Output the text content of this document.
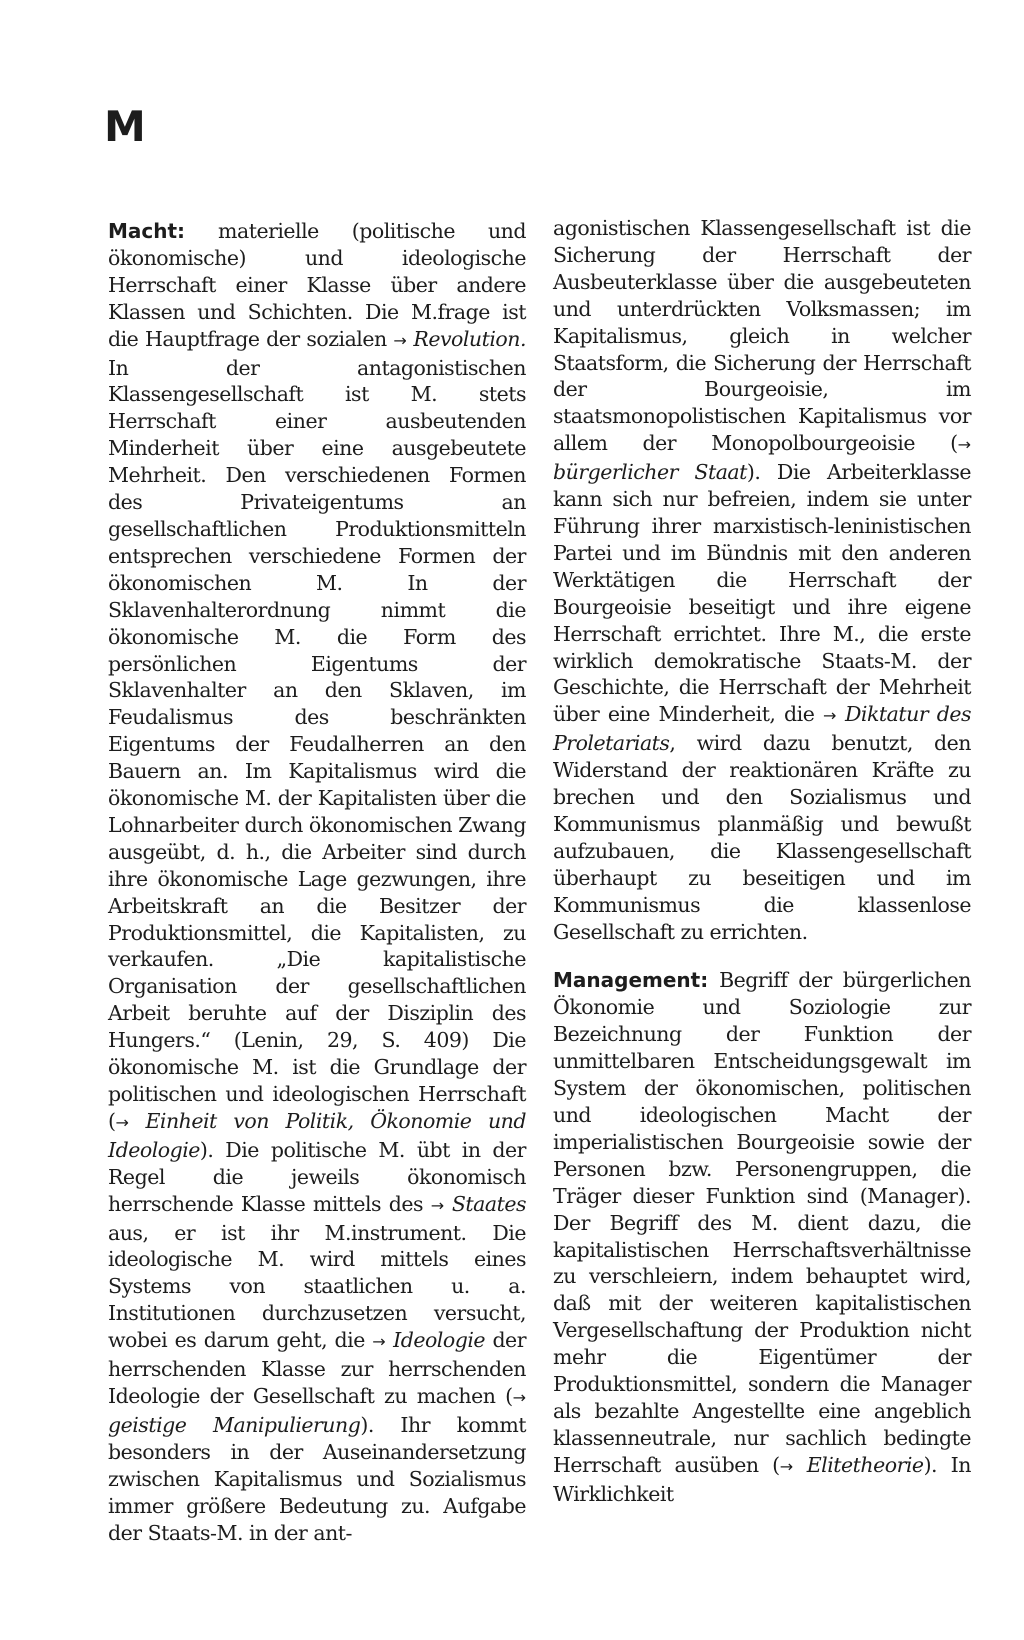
M

Macht: materielle (politische und ökonomische) und ideologische Herrschaft einer Klasse über andere Klassen und Schichten. Die M.frage ist die Hauptfrage der sozialen → Revolution. In der antagonistischen Klassengesellschaft ist M. stets Herrschaft einer ausbeutenden Minderheit über eine ausgebeutete Mehrheit. Den verschiedenen Formen des Privateigentums an gesellschaftlichen Produktionsmitteln entsprechen verschiedene Formen der ökonomischen M. In der Sklavenhalterordnung nimmt die ökonomische M. die Form des persönlichen Eigentums der Sklavenhalter an den Sklaven, im Feudalismus des beschränkten Eigentums der Feudalherren an den Bauern an. Im Kapitalismus wird die ökonomische M. der Kapitalisten über die Lohnarbeiter durch ökonomischen Zwang ausgeübt, d. h., die Arbeiter sind durch ihre ökonomische Lage gezwungen, ihre Arbeitskraft an die Besitzer der Produktionsmittel, die Kapitalisten, zu verkaufen. „Die kapitalistische Organisation der gesellschaftlichen Arbeit beruhte auf der Disziplin des Hungers.“ (Lenin, 29, S. 409) Die ökonomische M. ist die Grundlage der politischen und ideologischen Herrschaft (→ Einheit von Politik, Ökonomie und Ideologie). Die politische M. übt in der Regel die jeweils ökonomisch herrschende Klasse mittels des → Staates aus, er ist ihr M.instrument. Die ideologische M. wird mittels eines Systems von staatlichen u. a. Institutionen durchzusetzen versucht, wobei es darum geht, die → Ideologie der herrschenden Klasse zur herrschenden Ideologie der Gesellschaft zu machen (→ geistige Manipulierung). Ihr kommt besonders in der Auseinandersetzung zwischen Kapitalismus und Sozialismus immer größere Bedeutung zu. Aufgabe der Staats-M. in der ant-

agonistischen Klassengesellschaft ist die Sicherung der Herrschaft der Ausbeuterklasse über die ausgebeuteten und unterdrückten Volksmassen; im Kapitalismus, gleich in welcher Staatsform, die Sicherung der Herrschaft der Bourgeoisie, im staatsmonopolistischen Kapitalismus vor allem der Monopolbourgeoisie (→ bürgerlicher Staat). Die Arbeiterklasse kann sich nur befreien, indem sie unter Führung ihrer marxistisch-leninistischen Partei und im Bündnis mit den anderen Werktätigen die Herrschaft der Bourgeoisie beseitigt und ihre eigene Herrschaft errichtet. Ihre M., die erste wirklich demokratische Staats-M. der Geschichte, die Herrschaft der Mehrheit über eine Minderheit, die → Diktatur des Proletariats, wird dazu benutzt, den Widerstand der reaktionären Kräfte zu brechen und den Sozialismus und Kommunismus planmäßig und bewußt aufzubauen, die Klassengesellschaft überhaupt zu beseitigen und im Kommunismus die klassenlose Gesellschaft zu errichten.

Management: Begriff der bürgerlichen Ökonomie und Soziologie zur Bezeichnung der Funktion der unmittelbaren Entscheidungsgewalt im System der ökonomischen, politischen und ideologischen Macht der imperialistischen Bourgeoisie sowie der Personen bzw. Personengruppen, die Träger dieser Funktion sind (Manager). Der Begriff des M. dient dazu, die kapitalistischen Herrschaftsverhältnisse zu verschleiern, indem behauptet wird, daß mit der weiteren kapitalistischen Vergesellschaftung der Produktion nicht mehr die Eigentümer der Produktionsmittel, sondern die Manager als bezahlte Angestellte eine angeblich klassenneutrale, nur sachlich bedingte Herrschaft ausüben (→ Elitetheorie). In Wirklichkeit
